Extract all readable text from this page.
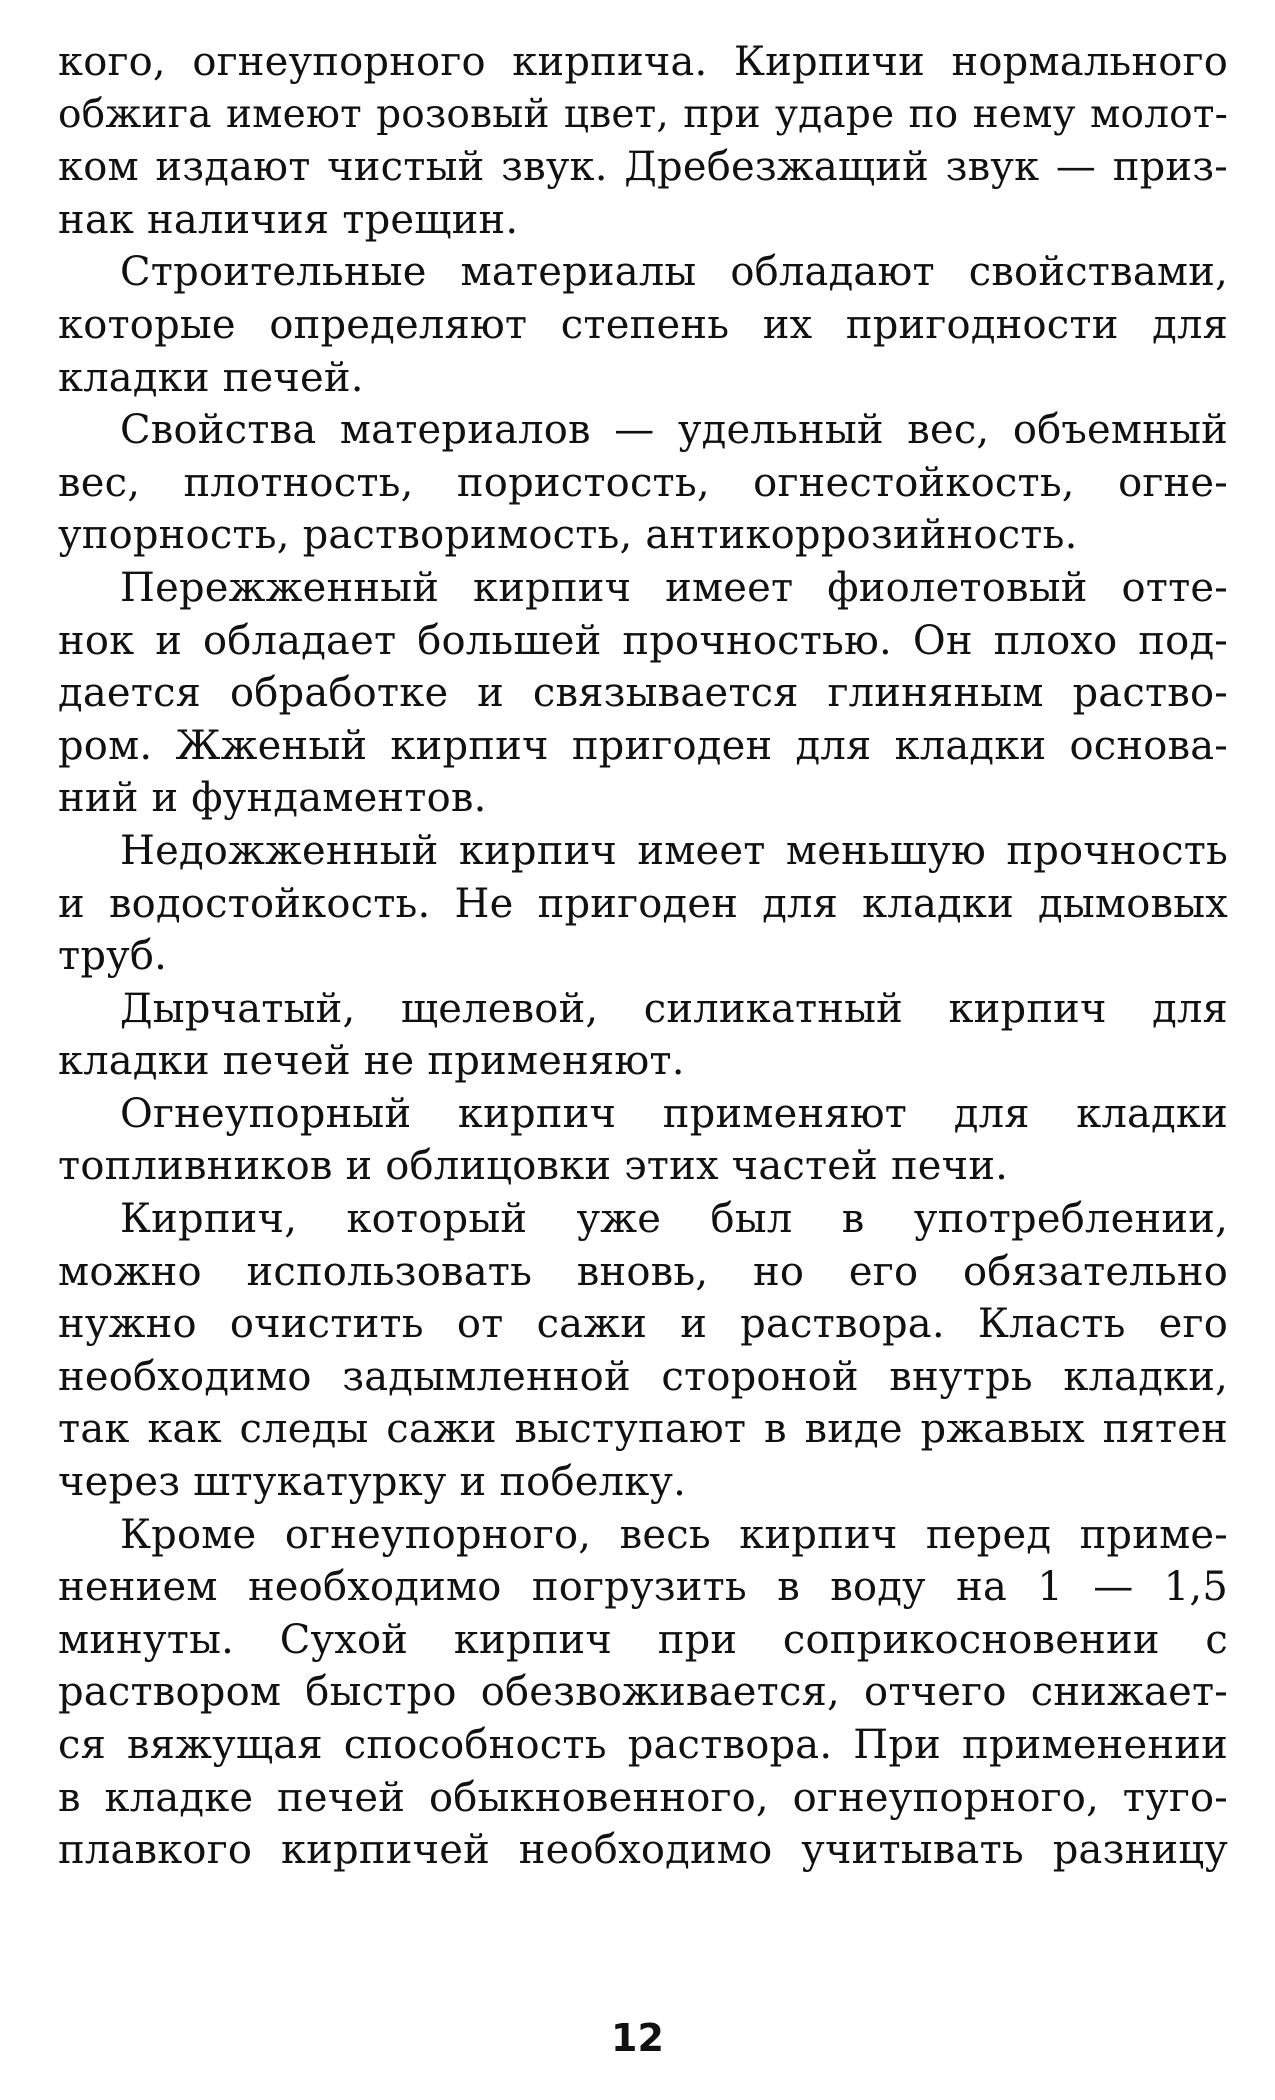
кого, огнеупорного кирпича. Кирпичи нормального
обжига имеют розовый цвет, при ударе по нему молот-
ком издают чистый звук. Дребезжащий звук — приз-
нак наличия трещин.
Строительные материалы обладают свойствами,
которые определяют степень их пригодности для
кладки печей.
Свойства материалов — удельный вес, объемный
вес, плотность, пористость, огнестойкость, огне-
упорность, растворимость, антикоррозийность.
Пережженный кирпич имеет фиолетовый отте-
нок и обладает большей прочностью. Он плохо под-
дается обработке и связывается глиняным раство-
ром. Жженый кирпич пригоден для кладки основа-
ний и фундаментов.
Недожженный кирпич имеет меньшую прочность
и водостойкость. Не пригоден для кладки дымовых
труб.
Дырчатый, щелевой, силикатный кирпич для
кладки печей не применяют.
Огнеупорный кирпич применяют для кладки
топливников и облицовки этих частей печи.
Кирпич, который уже был в употреблении,
можно использовать вновь, но его обязательно
нужно очистить от сажи и раствора. Класть его
необходимо задымленной стороной внутрь кладки,
так как следы сажи выступают в виде ржавых пятен
через штукатурку и побелку.
Кроме огнеупорного, весь кирпич перед приме-
нением необходимо погрузить в воду на 1 — 1,5
минуты. Сухой кирпич при соприкосновении с
раствором быстро обезвоживается, отчего снижает-
ся вяжущая способность раствора. При применении
в кладке печей обыкновенного, огнеупорного, туго-
плавкого кирпичей необходимо учитывать разницу
12
